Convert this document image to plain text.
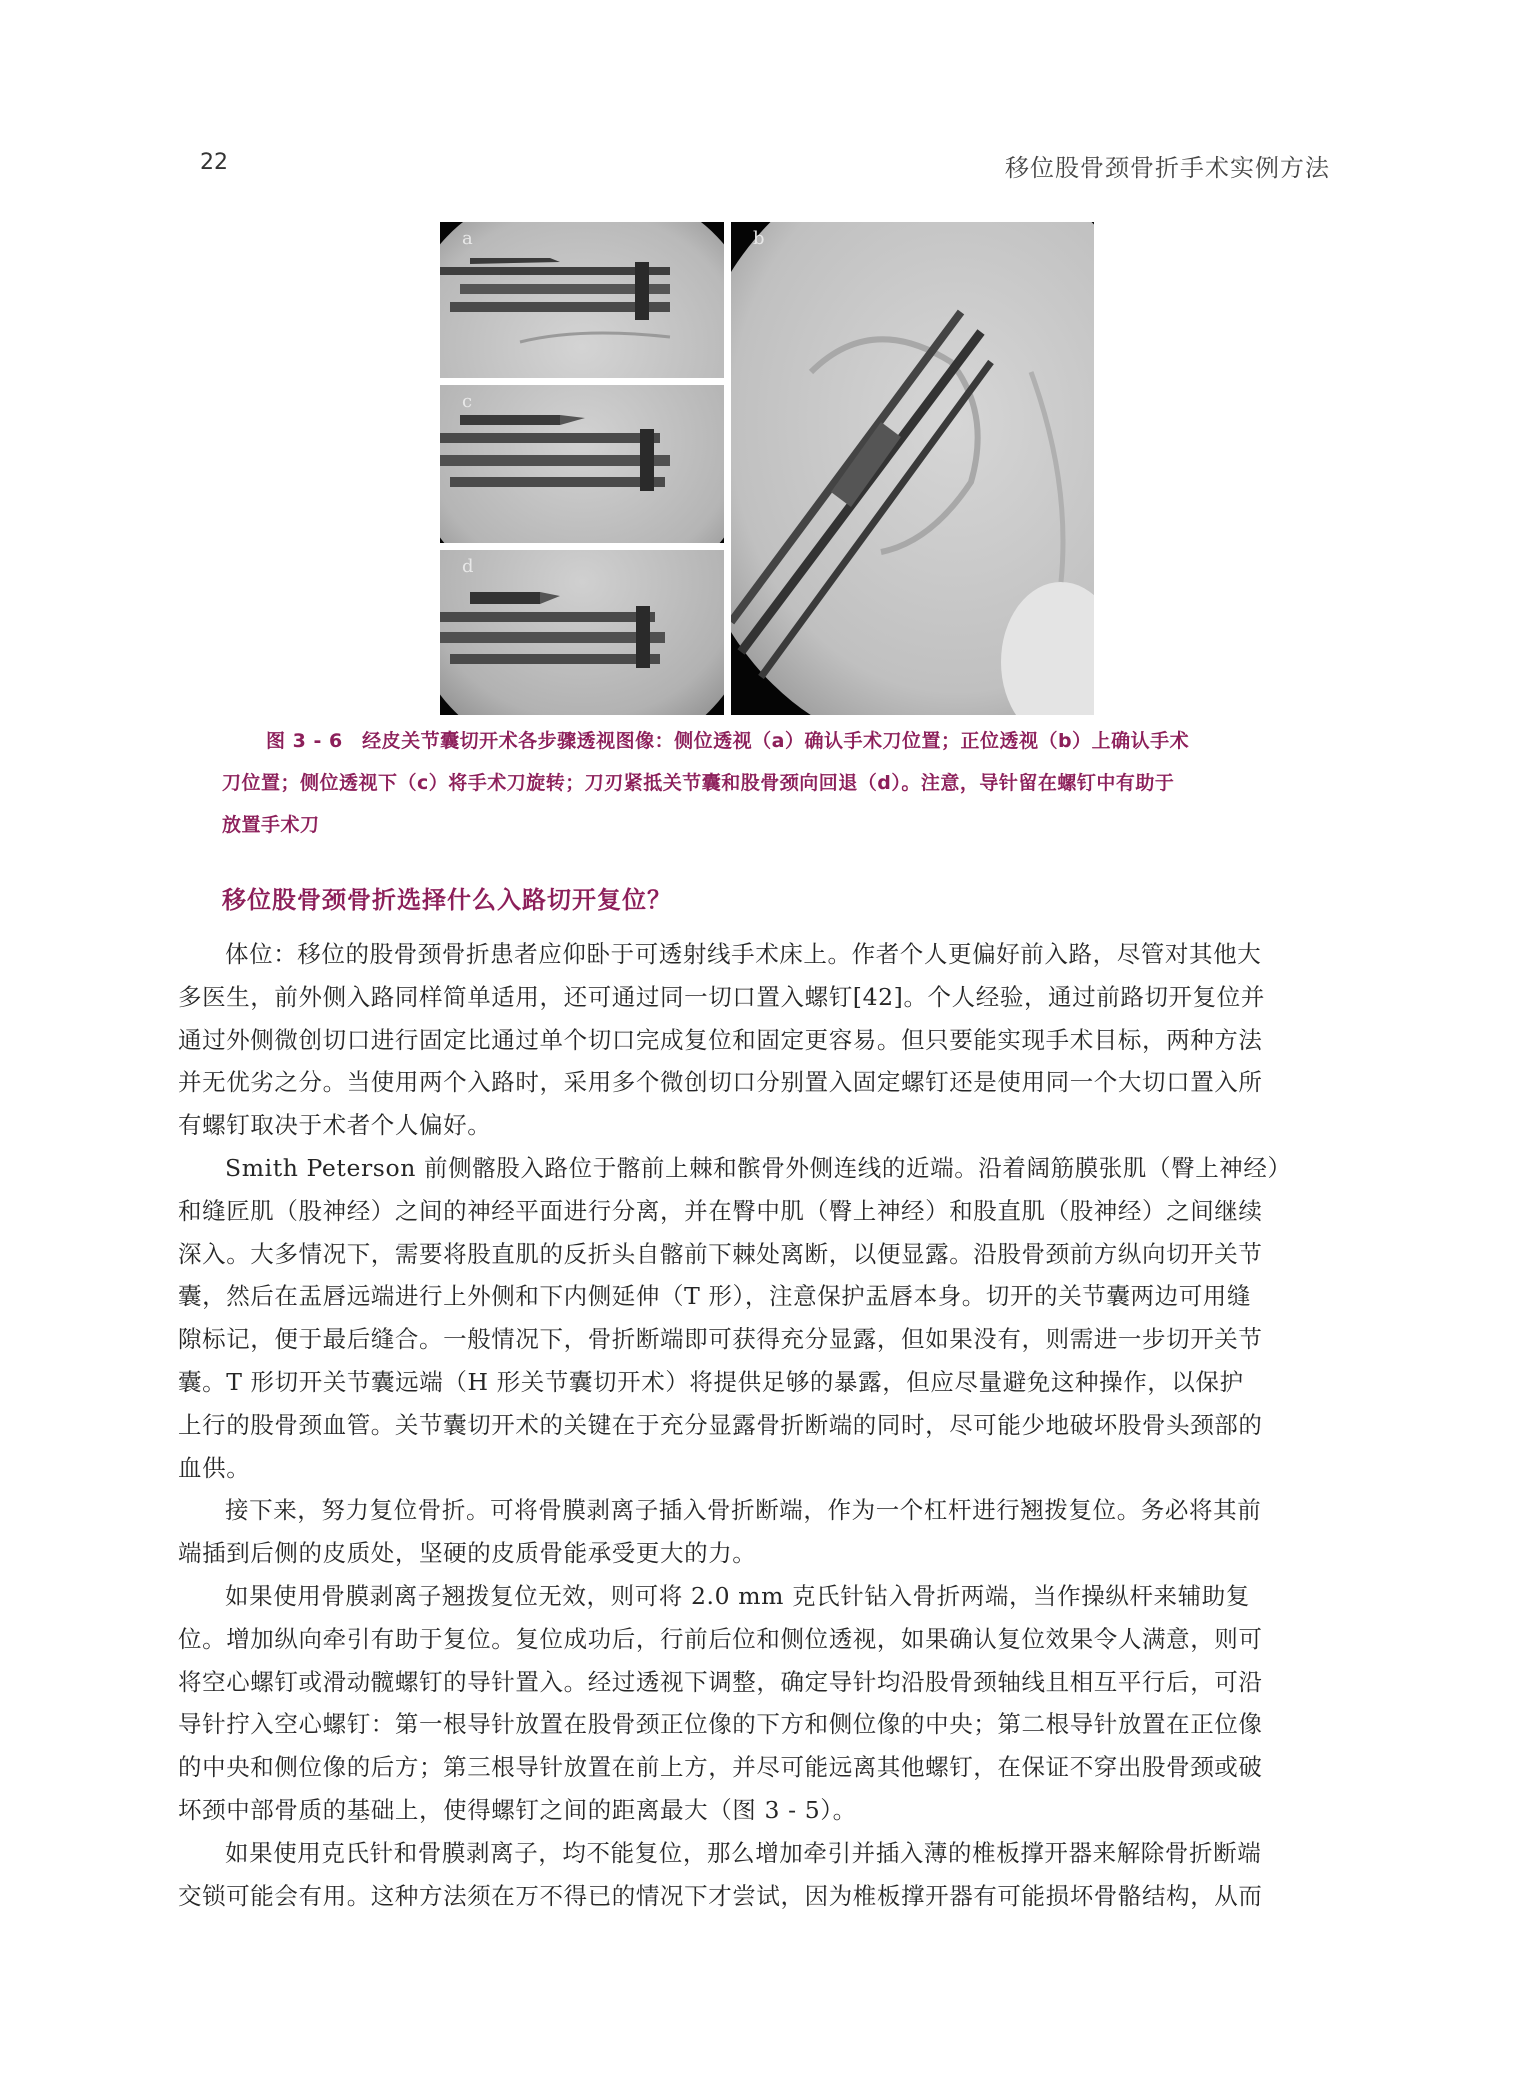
22	移位股骨颈骨折手术实例方法
a
c
d
b
图 3 - 6　经皮关节囊切开术各步骤透视图像：侧位透视（a）确认手术刀位置；正位透视（b）上确认手术
刀位置；侧位透视下（c）将手术刀旋转；刀刃紧抵关节囊和股骨颈向回退（d）。注意，导针留在螺钉中有助于
放置手术刀
移位股骨颈骨折选择什么入路切开复位？

体位：移位的股骨颈骨折患者应仰卧于可透射线手术床上。作者个人更偏好前入路，尽管对其他大
多医生，前外侧入路同样简单适用，还可通过同一切口置入螺钉[42]。个人经验，通过前路切开复位并
通过外侧微创切口进行固定比通过单个切口完成复位和固定更容易。但只要能实现手术目标，两种方法
并无优劣之分。当使用两个入路时，采用多个微创切口分别置入固定螺钉还是使用同一个大切口置入所
有螺钉取决于术者个人偏好。

Smith Peterson 前侧髂股入路位于髂前上棘和髌骨外侧连线的近端。沿着阔筋膜张肌（臀上神经）
和缝匠肌（股神经）之间的神经平面进行分离，并在臀中肌（臀上神经）和股直肌（股神经）之间继续
深入。大多情况下，需要将股直肌的反折头自髂前下棘处离断，以便显露。沿股骨颈前方纵向切开关节
囊，然后在盂唇远端进行上外侧和下内侧延伸（T 形），注意保护盂唇本身。切开的关节囊两边可用缝
隙标记，便于最后缝合。一般情况下，骨折断端即可获得充分显露，但如果没有，则需进一步切开关节
囊。T 形切开关节囊远端（H 形关节囊切开术）将提供足够的暴露，但应尽量避免这种操作，以保护
上行的股骨颈血管。关节囊切开术的关键在于充分显露骨折断端的同时，尽可能少地破坏股骨头颈部的
血供。

接下来，努力复位骨折。可将骨膜剥离子插入骨折断端，作为一个杠杆进行翘拨复位。务必将其前
端插到后侧的皮质处，坚硬的皮质骨能承受更大的力。

如果使用骨膜剥离子翘拨复位无效，则可将 2.0 mm 克氏针钻入骨折两端，当作操纵杆来辅助复
位。增加纵向牵引有助于复位。复位成功后，行前后位和侧位透视，如果确认复位效果令人满意，则可
将空心螺钉或滑动髋螺钉的导针置入。经过透视下调整，确定导针均沿股骨颈轴线且相互平行后，可沿
导针拧入空心螺钉：第一根导针放置在股骨颈正位像的下方和侧位像的中央；第二根导针放置在正位像
的中央和侧位像的后方；第三根导针放置在前上方，并尽可能远离其他螺钉，在保证不穿出股骨颈或破
坏颈中部骨质的基础上，使得螺钉之间的距离最大（图 3 - 5）。

如果使用克氏针和骨膜剥离子，均不能复位，那么增加牵引并插入薄的椎板撑开器来解除骨折断端
交锁可能会有用。这种方法须在万不得已的情况下才尝试，因为椎板撑开器有可能损坏骨骼结构，从而
